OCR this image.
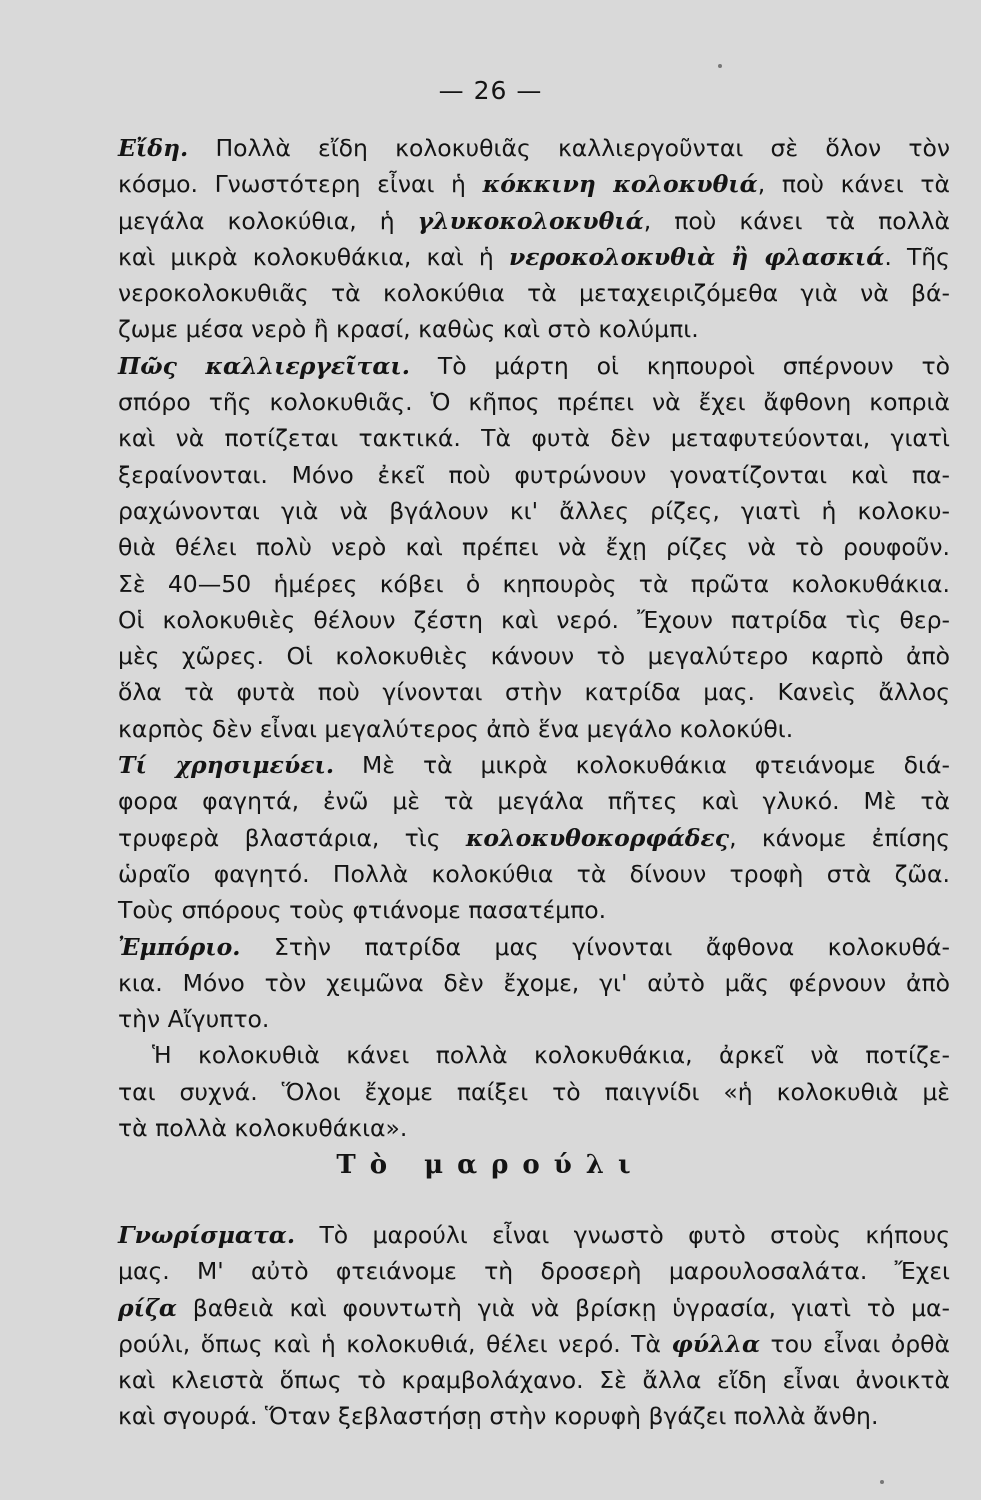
— 26 —
Εἴδη. Πολλὰ εἴδη κολοκυθιᾶς καλλιεργοῦνται σὲ ὅλον τὸν
κόσμο. Γνωστότερη εἶναι ἡ κόκκινη κολοκυθιά, ποὺ κάνει τὰ
μεγάλα κολοκύθια, ἡ γλυκοκολοκυθιά, ποὺ κάνει τὰ πολλὰ
καὶ μικρὰ κολοκυθάκια, καὶ ἡ νεροκολοκυθιὰ ἢ φλασκιά. Τῆς
νεροκολοκυθιᾶς τὰ κολοκύθια τὰ μεταχειριζόμεθα γιὰ νὰ βά-
ζωμε μέσα νερὸ ἢ κρασί, καθὼς καὶ στὸ κολύμπι.
Πῶς καλλιεργεῖται. Τὸ μάρτη οἱ κηπουροὶ σπέρνουν τὸ
σπόρο τῆς κολοκυθιᾶς. Ὁ κῆπος πρέπει νὰ ἔχει ἄφθονη κοπριὰ
καὶ νὰ ποτίζεται τακτικά. Τὰ φυτὰ δὲν μεταφυτεύονται, γιατὶ
ξεραίνονται. Μόνο ἐκεῖ ποὺ φυτρώνουν γονατίζονται καὶ πα-
ραχώνονται γιὰ νὰ βγάλουν κι' ἄλλες ρίζες, γιατὶ ἡ κολοκυ-
θιὰ θέλει πολὺ νερὸ καὶ πρέπει νὰ ἔχῃ ρίζες νὰ τὸ ρουφοῦν.
Σὲ 40—50 ἡμέρες κόβει ὁ κηπουρὸς τὰ πρῶτα κολοκυθάκια.
Οἱ κολοκυθιὲς θέλουν ζέστη καὶ νερό. Ἔχουν πατρίδα τὶς θερ-
μὲς χῶρες. Οἱ κολοκυθιὲς κάνουν τὸ μεγαλύτερο καρπὸ ἀπὸ
ὅλα τὰ φυτὰ ποὺ γίνονται στὴν κατρίδα μας. Κανεὶς ἄλλος
καρπὸς δὲν εἶναι μεγαλύτερος ἀπὸ ἕνα μεγάλο κολοκύθι.
Τί χρησιμεύει. Μὲ τὰ μικρὰ κολοκυθάκια φτειάνομε διά-
φορα φαγητά, ἐνῶ μὲ τὰ μεγάλα πῆτες καὶ γλυκό. Μὲ τὰ
τρυφερὰ βλαστάρια, τὶς κολοκυθοκορφάδες, κάνομε ἐπίσης
ὡραῖο φαγητό. Πολλὰ κολοκύθια τὰ δίνουν τροφὴ στὰ ζῶα.
Τοὺς σπόρους τοὺς φτιάνομε πασατέμπο.
Ἐμπόριο. Στὴν πατρίδα μας γίνονται ἄφθονα κολοκυθά-
κια. Μόνο τὸν χειμῶνα δὲν ἔχομε, γι' αὐτὸ μᾶς φέρνουν ἀπὸ
τὴν Αἴγυπτο.
Ἡ κολοκυθιὰ κάνει πολλὰ κολοκυθάκια, ἀρκεῖ νὰ ποτίζε-
ται συχνά. Ὅλοι ἔχομε παίξει τὸ παιγνίδι «ἡ κολοκυθιὰ μὲ
τὰ πολλὰ κολοκυθάκια».
Τὸ μαρούλι
Γνωρίσματα. Τὸ μαρούλι εἶναι γνωστὸ φυτὸ στοὺς κήπους
μας. Μ' αὐτὸ φτειάνομε τὴ δροσερὴ μαρουλοσαλάτα. Ἔχει
ρίζα βαθειὰ καὶ φουντωτὴ γιὰ νὰ βρίσκῃ ὑγρασία, γιατὶ τὸ μα-
ρούλι, ὅπως καὶ ἡ κολοκυθιά, θέλει νερό. Τὰ φύλλα του εἶναι ὀρθὰ
καὶ κλειστὰ ὅπως τὸ κραμβολάχανο. Σὲ ἄλλα εἴδη εἶναι ἀνοικτὰ
καὶ σγουρά. Ὅταν ξεβλαστήσῃ στὴν κορυφὴ βγάζει πολλὰ ἄνθη.
